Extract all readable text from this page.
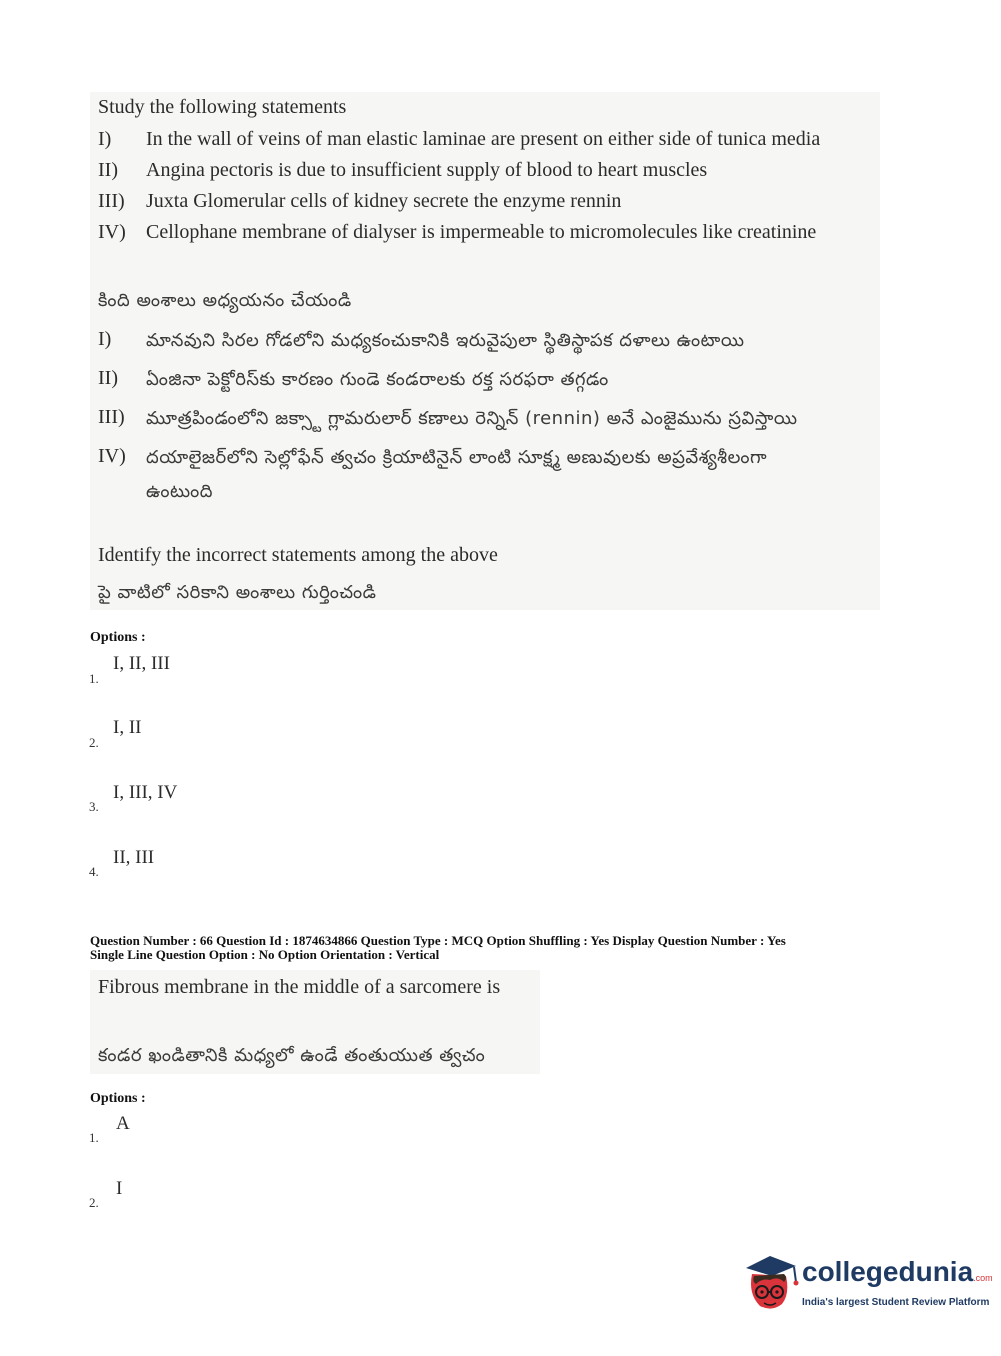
Study the following statements
I) In the wall of veins of man elastic laminae are present on either side of tunica media
II) Angina pectoris is due to insufficient supply of blood to heart muscles
III) Juxta Glomerular cells of kidney secrete the enzyme rennin
IV) Cellophane membrane of dialyser is impermeable to micromolecules like creatinine
కింది అంశాలు అధ్యయనం చేయండి
I) మానవుని సిరల గోడలోని మధ్యకంచుకానికి ఇరువైపులా స్థితిస్థాపక దళాలు ఉంటాయి
II) ఏంజినా పెక్టోరిస్‌కు కారణం గుండె కండరాలకు రక్త సరఫరా తగ్గడం
III) మూత్రపిండంలోని జక్స్టా గ్లామరులార్ కణాలు రెన్నిన్ (rennin) అనే ఎంజైమును స్రవిస్తాయి
IV) దయాలైజర్‌లోని సెల్లోఫేన్ త్వచం క్రియాటినైన్ లాంటి సూక్ష్మ అణువులకు అప్రవేశ్యశీలంగా
ఉంటుంది
Identify the incorrect statements among the above
పై వాటిలో సరికాని అంశాలు గుర్తించండి
Options :
1.
I, II, III
2.
I, II
3.
I, III, IV
4.
II, III
Question Number : 66 Question Id : 1874634866 Question Type : MCQ Option Shuffling : Yes Display Question Number : Yes
Single Line Question Option : No Option Orientation : Vertical
Fibrous membrane in the middle of a sarcomere is
కండర ఖండితానికి మధ్యలో ఉండే తంతుయుత త్వచం
Options :
1.
A
2.
I
collegedunia.com
India's largest Student Review Platform
